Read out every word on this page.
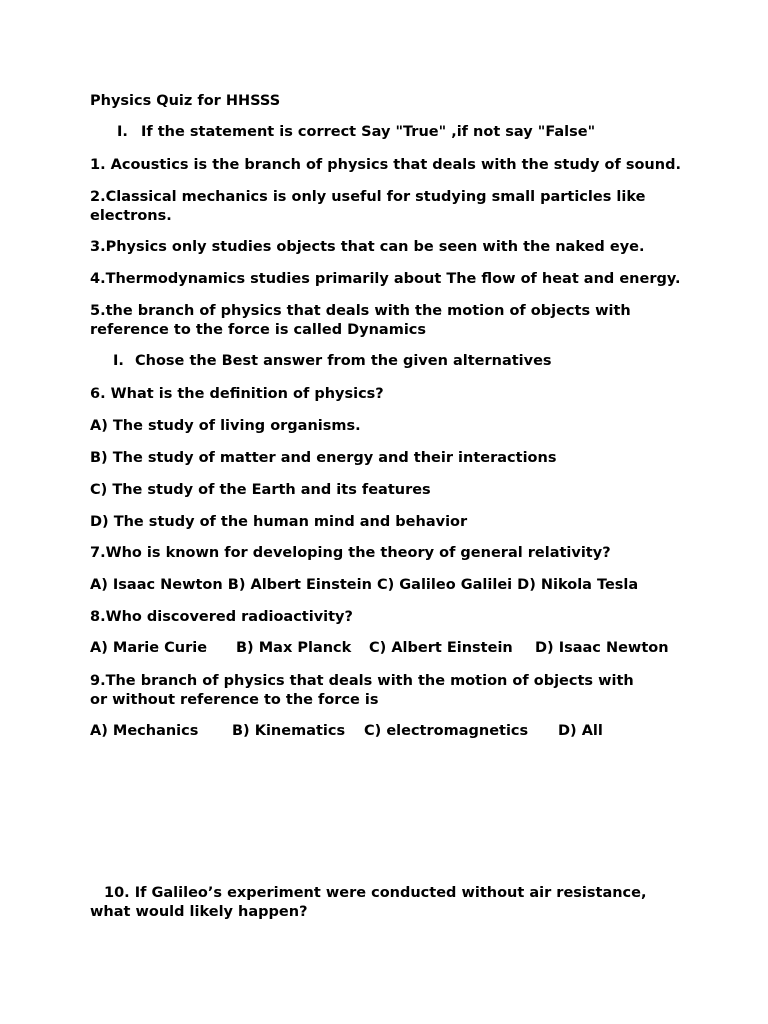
Physics Quiz for HHSSS
I. If the statement is correct Say "True" ,if not say "False"
1. Acoustics is the branch of physics that deals with the study of sound.
2.Classical mechanics is only useful for studying small particles like electrons.
3.Physics only studies objects that can be seen with the naked eye.
4.Thermodynamics studies primarily about The flow of heat and energy.
5.the branch of physics that deals with the motion of objects with reference to the force is called Dynamics
I. Chose the Best answer from the given alternatives
6. What is the definition of physics?
A) The study of living organisms.
B) The study of matter and energy and their interactions
C) The study of the Earth and its features
D) The study of the human mind and behavior
7.Who is known for developing the theory of general relativity?
A) Isaac Newton B) Albert Einstein C) Galileo Galilei D) Nikola Tesla
8.Who discovered radioactivity?
A) Marie Curie B) Max Planck C) Albert Einstein D) Isaac Newton
9.The branch of physics that deals with the motion of objects with or without reference to the force is
A) Mechanics B) Kinematics C) electromagnetics D) All
10. If Galileo’s experiment were conducted without air resistance, what would likely happen?
